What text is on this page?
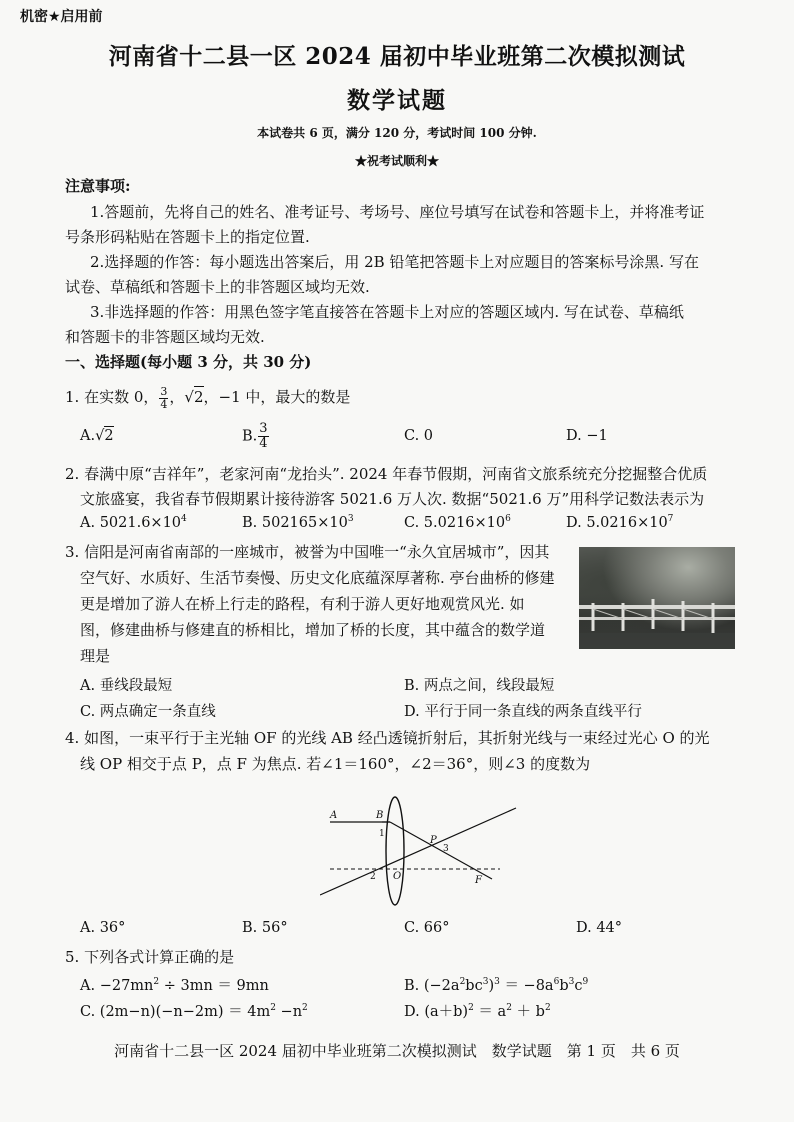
机密★启用前
河南省十二县一区 2024 届初中毕业班第二次模拟测试
数学试题
本试卷共 6 页，满分 120 分，考试时间 100 分钟.
★祝考试顺利★
注意事项:
1.答题前，先将自己的姓名、准考证号、考场号、座位号填写在试卷和答题卡上，并将准考证
号条形码粘贴在答题卡上的指定位置.
2.选择题的作答：每小题选出答案后，用 2B 铅笔把答题卡上对应题目的答案标号涂黑. 写在
试卷、草稿纸和答题卡上的非答题区域均无效.
3.非选择题的作答：用黑色签字笔直接答在答题卡上对应的答题区域内. 写在试卷、草稿纸
和答题卡的非答题区域均无效.
一、选择题(每小题 3 分，共 30 分)
1. 在实数 0， $\frac{3}{4}$ ，√2，−1 中，最大的数是
A.√2	B. $\frac{3}{4}$	C. 0	D. −1
2. 春满中原“吉祥年”，老家河南“龙抬头”. 2024 年春节假期，河南省文旅系统充分挖掘整合优质
文旅盛宴，我省春节假期累计接待游客 5021.6 万人次. 数据“5021.6 万”用科学记数法表示为
A. $5021.6\times 10^4$	B. $502165\times 10^3$	C. $5.0216\times 10^6$	D. $5.0216\times 10^7$
3. 信阳是河南省南部的一座城市，被誉为中国唯一“永久宜居城市”，因其
空气好、水质好、生活节奏慢、历史文化底蕴深厚著称. 亭台曲桥的修建
更是增加了游人在桥上行走的路程，有利于游人更好地观赏风光. 如
图，修建曲桥与修建直的桥相比，增加了桥的长度，其中蕴含的数学道
理是
A. 垂线段最短	B. 两点之间，线段最短
C. 两点确定一条直线	D. 平行于同一条直线的两条直线平行
4. 如图，一束平行于主光轴 OF 的光线 AB 经凸透镜折射后，其折射光线与一束经过光心 O 的光
线 OP 相交于点 P，点 F 为焦点. 若∠1＝160°，∠2＝36°，则∠3 的度数为
A	B
P
O	F
1
2
3
A. 36°	B. 56°	C. 66°	D. 44°
5. 下列各式计算正确的是
A. $-27mn^2 \div 3mn = 9mn$	B. $(-2a^2bc^3)^3 = -8a^6b^3c^9$
C. $(2m-n)(-n-2m) = 4m^2 -n^2$	D. $(a+b)^2 = a^2 + b^2$
河南省十二县一区 2024 届初中毕业班第二次模拟测试　数学试题　第 1 页　共 6 页
